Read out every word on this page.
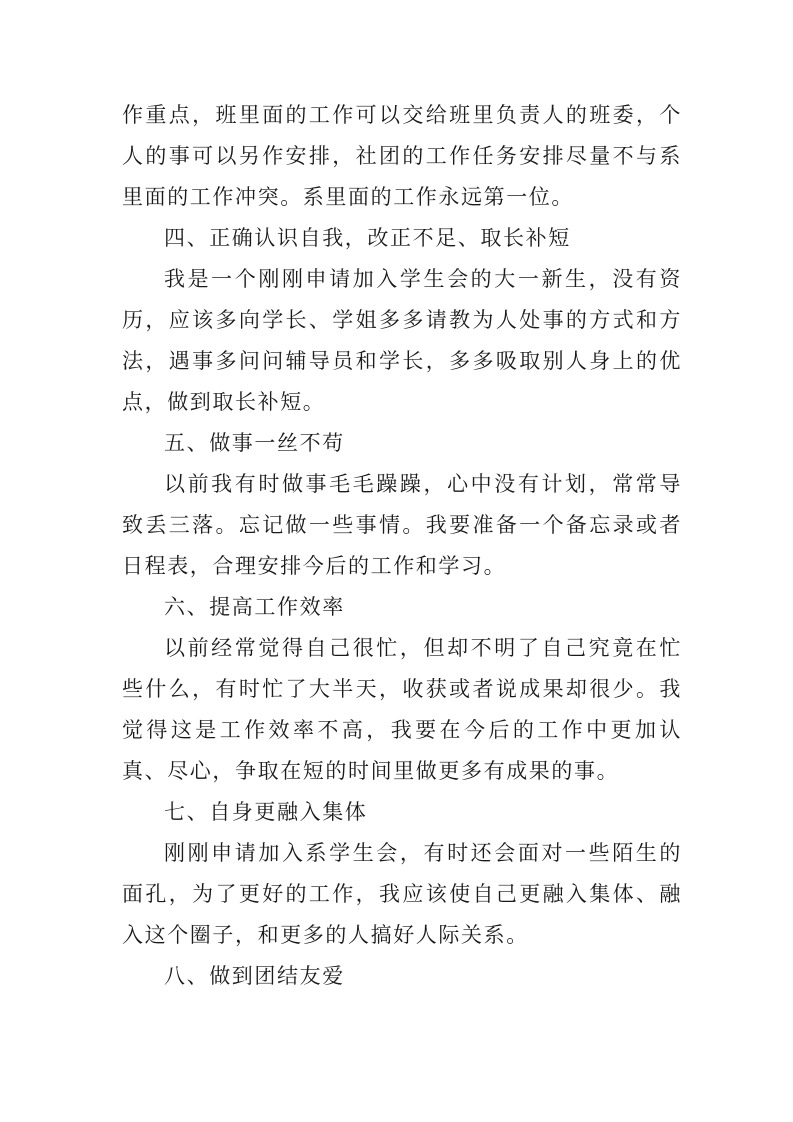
作重点，班里面的工作可以交给班里负责人的班委，个人的事可以另作安排，社团的工作任务安排尽量不与系里面的工作冲突。系里面的工作永远第一位。

四、正确认识自我，改正不足、取长补短

我是一个刚刚申请加入学生会的大一新生，没有资历，应该多向学长、学姐多多请教为人处事的方式和方法，遇事多问问辅导员和学长，多多吸取别人身上的优点，做到取长补短。

五、做事一丝不苟

以前我有时做事毛毛躁躁，心中没有计划，常常导致丢三落。忘记做一些事情。我要准备一个备忘录或者日程表，合理安排今后的工作和学习。

六、提高工作效率

以前经常觉得自己很忙，但却不明了自己究竟在忙些什么，有时忙了大半天，收获或者说成果却很少。我觉得这是工作效率不高，我要在今后的工作中更加认真、尽心，争取在短的时间里做更多有成果的事。

七、自身更融入集体

刚刚申请加入系学生会，有时还会面对一些陌生的面孔，为了更好的工作，我应该使自己更融入集体、融入这个圈子，和更多的人搞好人际关系。

八、做到团结友爱
